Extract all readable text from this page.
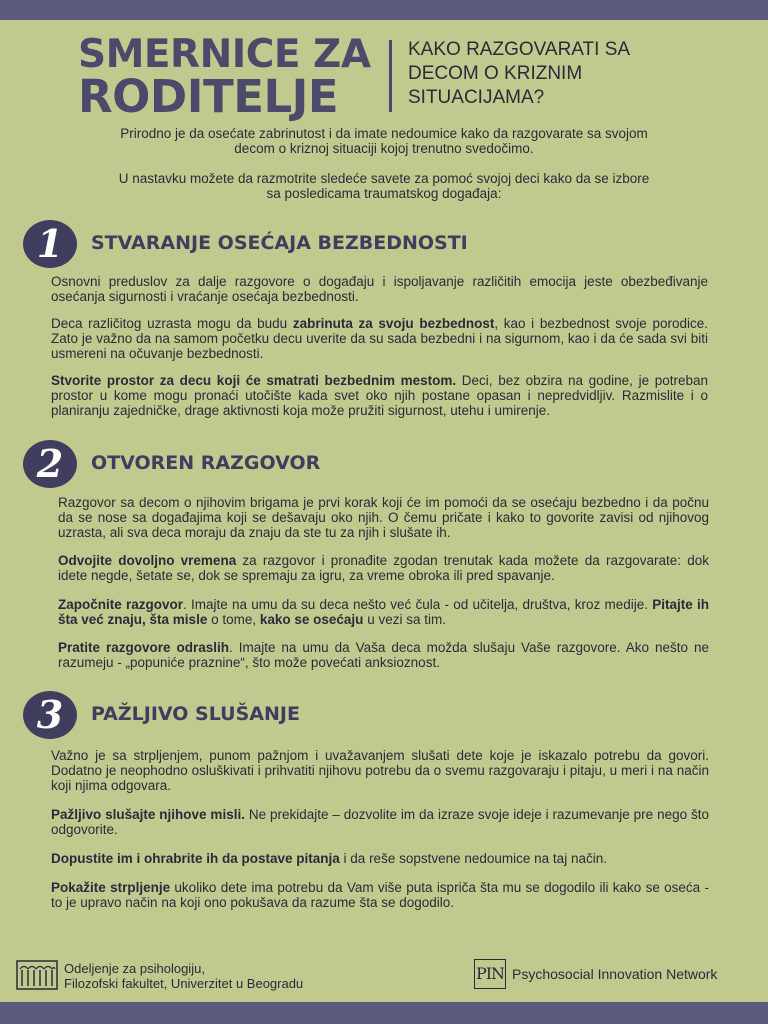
SMERNICE ZA
RODITELJE
KAKO RAZGOVARATI SA
DECOM O KRIZNIM
SITUACIJAMA?
Prirodno je da osećate zabrinutost i da imate nedoumice kako da razgovarate sa svojom
decom o kriznoj situaciji kojoj trenutno svedočimo.
U nastavku možete da razmotrite sledeće savete za pomoć svojoj deci kako da se izbore
sa posledicama traumatskog događaja:
1	STVARANJE OSEĆAJA BEZBEDNOSTI

Osnovni preduslov za dalje razgovore o događaju i ispoljavanje različitih emocija jeste obezbeđivanje osećanja sigurnosti i vraćanje osećaja bezbednosti.

Deca različitog uzrasta mogu da budu zabrinuta za svoju bezbednost, kao i bezbednost svoje porodice. Zato je važno da na samom početku decu uverite da su sada bezbedni i na sigurnom, kao i da će sada svi biti usmereni na očuvanje bezbednosti.

Stvorite prostor za decu koji će smatrati bezbednim mestom. Deci, bez obzira na godine, je potreban prostor u kome mogu pronaći utočište kada svet oko njih postane opasan i nepredvidljiv. Razmislite i o planiranju zajedničke, drage aktivnosti koja može pružiti sigurnost, utehu i umirenje.

2	OTVOREN RAZGOVOR

Razgovor sa decom o njihovim brigama je prvi korak koji će im pomoći da se osećaju bezbedno i da počnu da se nose sa događajima koji se dešavaju oko njih. O čemu pričate i kako to govorite zavisi od njihovog uzrasta, ali sva deca moraju da znaju da ste tu za njih i slušate ih.

Odvojite dovoljno vremena za razgovor i pronađite zgodan trenutak kada možete da razgovarate: dok idete negde, šetate se, dok se spremaju za igru, za vreme obroka ili pred spavanje.

Započnite razgovor. Imajte na umu da su deca nešto već čula - od učitelja, društva, kroz medije. Pitajte ih šta već znaju, šta misle o tome, kako se osećaju u vezi sa tim.

Pratite razgovore odraslih. Imajte na umu da Vaša deca možda slušaju Vaše razgovore. Ako nešto ne razumeju - „popuniće praznine“, što može povećati anksioznost.

3	PAŽLJIVO SLUŠANJE

Važno je sa strpljenjem, punom pažnjom i uvažavanjem slušati dete koje je iskazalo potrebu da govori. Dodatno je neophodno osluškivati i prihvatiti njihovu potrebu da o svemu razgovaraju i pitaju, u meri i na način koji njima odgovara.

Pažljivo slušajte njihove misli. Ne prekidajte – dozvolite im da izraze svoje ideje i razumevanje pre nego što odgovorite.

Dopustite im i ohrabrite ih da postave pitanja i da reše sopstvene nedoumice na taj način.

Pokažite strpljenje ukoliko dete ima potrebu da Vam više puta ispriča šta mu se dogodilo ili kako se oseća - to je upravo način na koji ono pokušava da razume šta se dogodilo.

Odeljenje za psihologiju,
Filozofski fakultet, Univerzitet u Beogradu
PIN Psychosocial Innovation Network
